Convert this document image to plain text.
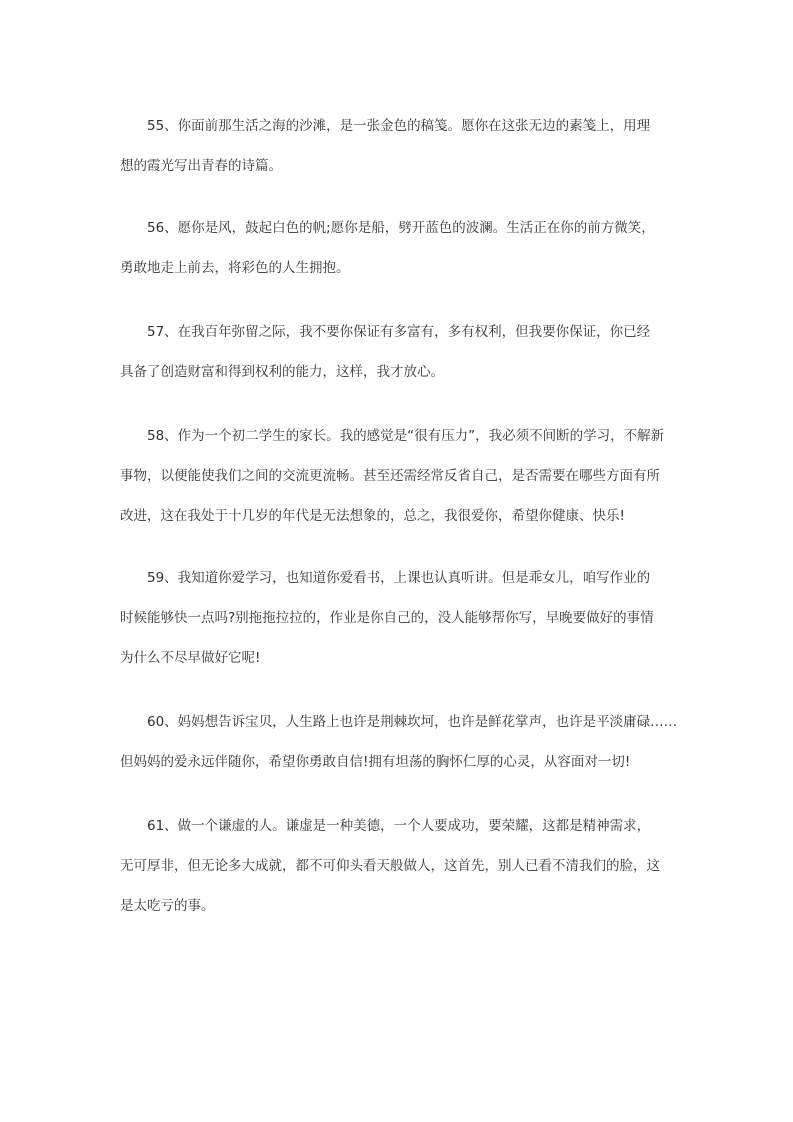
55、你面前那生活之海的沙滩，是一张金色的稿笺。愿你在这张无边的素笺上，用理
想的霞光写出青春的诗篇。
56、愿你是风，鼓起白色的帆;愿你是船，劈开蓝色的波澜。生活正在你的前方微笑，
勇敢地走上前去，将彩色的人生拥抱。
57、在我百年弥留之际，我不要你保证有多富有，多有权利，但我要你保证，你已经
具备了创造财富和得到权利的能力，这样，我才放心。
58、作为一个初二学生的家长。我的感觉是“很有压力”，我必须不间断的学习，不解新
事物，以便能使我们之间的交流更流畅。甚至还需经常反省自己，是否需要在哪些方面有所
改进，这在我处于十几岁的年代是无法想象的，总之，我很爱你，希望你健康、快乐!
59、我知道你爱学习，也知道你爱看书，上课也认真听讲。但是乖女儿，咱写作业的
时候能够快一点吗?别拖拖拉拉的，作业是你自己的，没人能够帮你写，早晚要做好的事情
为什么不尽早做好它呢!
60、妈妈想告诉宝贝，人生路上也许是荆棘坎坷，也许是鲜花掌声，也许是平淡庸碌……
但妈妈的爱永远伴随你，希望你勇敢自信!拥有坦荡的胸怀仁厚的心灵，从容面对一切!
61、做一个谦虚的人。谦虚是一种美德，一个人要成功，要荣耀，这都是精神需求，
无可厚非，但无论多大成就，都不可仰头看天般做人，这首先，别人已看不清我们的脸，这
是太吃亏的事。
